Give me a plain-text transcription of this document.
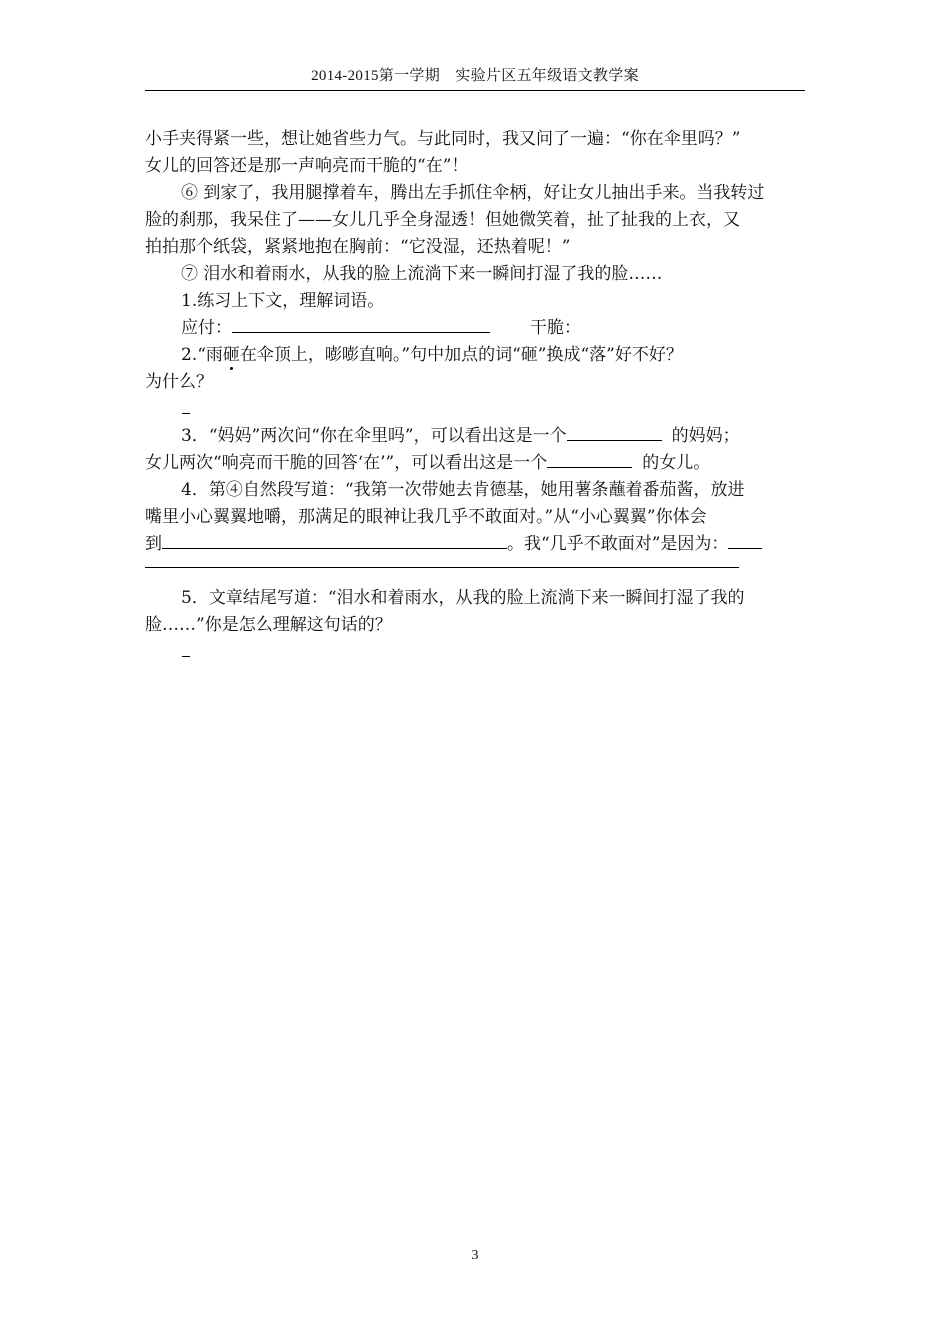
2014-2015第一学期　实验片区五年级语文教学案
小手夹得紧一些，想让她省些力气。与此同时，我又问了一遍：“你在伞里吗？”
女儿的回答还是那一声响亮而干脆的“在”！
⑥ 到家了，我用腿撑着车，腾出左手抓住伞柄，好让女儿抽出手来。当我转过
脸的刹那，我呆住了——女儿几乎全身湿透！但她微笑着，扯了扯我的上衣，又
拍拍那个纸袋，紧紧地抱在胸前：“它没湿，还热着呢！”
⑦ 泪水和着雨水，从我的脸上流淌下来一瞬间打湿了我的脸……
1.练习上下文，理解词语。
应付：	干脆：
2.“雨砸在伞顶上，嘭嘭直响。”句中加点的词“砸”换成“落”好不好？
为什么？
3．“妈妈”两次问“你在伞里吗”，可以看出这是一个	的妈妈；
女儿两次“响亮而干脆的回答‘在’”，可以看出这是一个	的女儿。
4．第④自然段写道：“我第一次带她去肯德基，她用薯条蘸着番茄酱，放进
嘴里小心翼翼地嚼，那满足的眼神让我几乎不敢面对。”从“小心翼翼”你体会
到	。我“几乎不敢面对”是因为：
5．文章结尾写道：“泪水和着雨水，从我的脸上流淌下来一瞬间打湿了我的
脸……”你是怎么理解这句话的？
3
